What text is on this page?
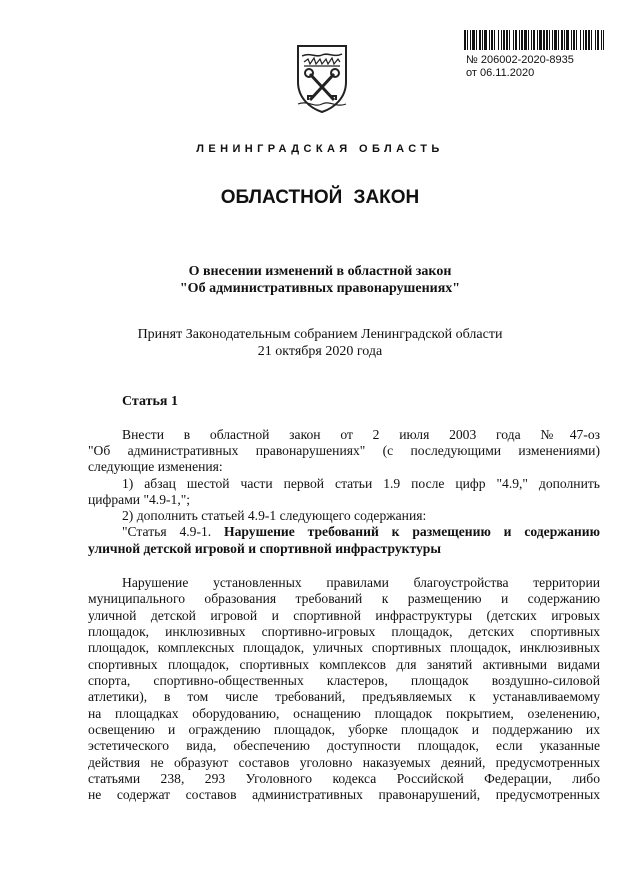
№ 206002-2020-8935
от 06.11.2020
ЛЕНИНГРАДСКАЯ ОБЛАСТЬ
ОБЛАСТНОЙ ЗАКОН
О внесении изменений в областной закон
"Об административных правонарушениях"
Принят Законодательным собранием Ленинградской области
21 октября 2020 года
Статья 1
Внести в областной закон от 2 июля 2003 года №47-оз
"Об административных правонарушениях" (с последующими изменениями)
следующие изменения:
1) абзац шестой части первой статьи 1.9 после цифр "4.9," дополнить
цифрами "4.9-1,";
2) дополнить статьей 4.9-1 следующего содержания:
"Статья 4.9-1. Нарушение требований к размещению и содержанию
уличной детской игровой и спортивной инфраструктуры
Нарушение установленных правилами благоустройства территории
муниципального образования требований к размещению и содержанию
уличной детской игровой и спортивной инфраструктуры (детских игровых
площадок, инклюзивных спортивно-игровых площадок, детских спортивных
площадок, комплексных площадок, уличных спортивных площадок, инклюзивных
спортивных площадок, спортивных комплексов для занятий активными видами
спорта, спортивно-общественных кластеров, площадок воздушно-силовой
атлетики), в том числе требований, предъявляемых к устанавливаемому
на площадках оборудованию, оснащению площадок покрытием, озеленению,
освещению и ограждению площадок, уборке площадок и поддержанию их
эстетического вида, обеспечению доступности площадок, если указанные
действия не образуют составов уголовно наказуемых деяний, предусмотренных
статьями 238, 293 Уголовного кодекса Российской Федерации, либо
не содержат составов административных правонарушений, предусмотренных
